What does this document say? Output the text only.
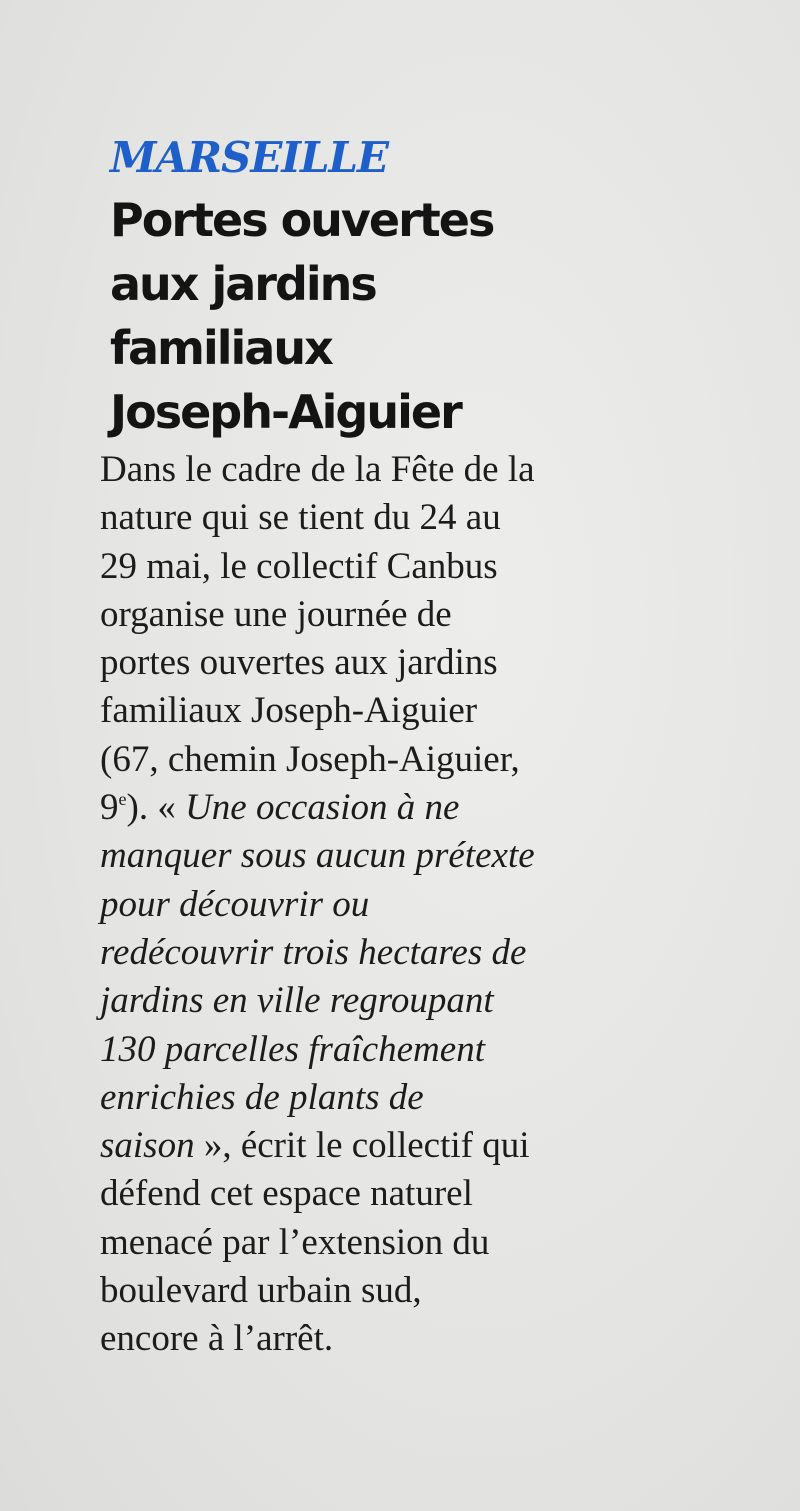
MARSEILLE
Portes ouvertes
aux jardins
familiaux
Joseph-Aiguier
Dans le cadre de la Fête de la
nature qui se tient du 24 au
29 mai, le collectif Canbus
organise une journée de
portes ouvertes aux jardins
familiaux Joseph-Aiguier
(67, chemin Joseph-Aiguier,
9e). « Une occasion à ne
manquer sous aucun prétexte
pour découvrir ou
redécouvrir trois hectares de
jardins en ville regroupant
130 parcelles fraîchement
enrichies de plants de
saison », écrit le collectif qui
défend cet espace naturel
menacé par l’extension du
boulevard urbain sud,
encore à l’arrêt.
